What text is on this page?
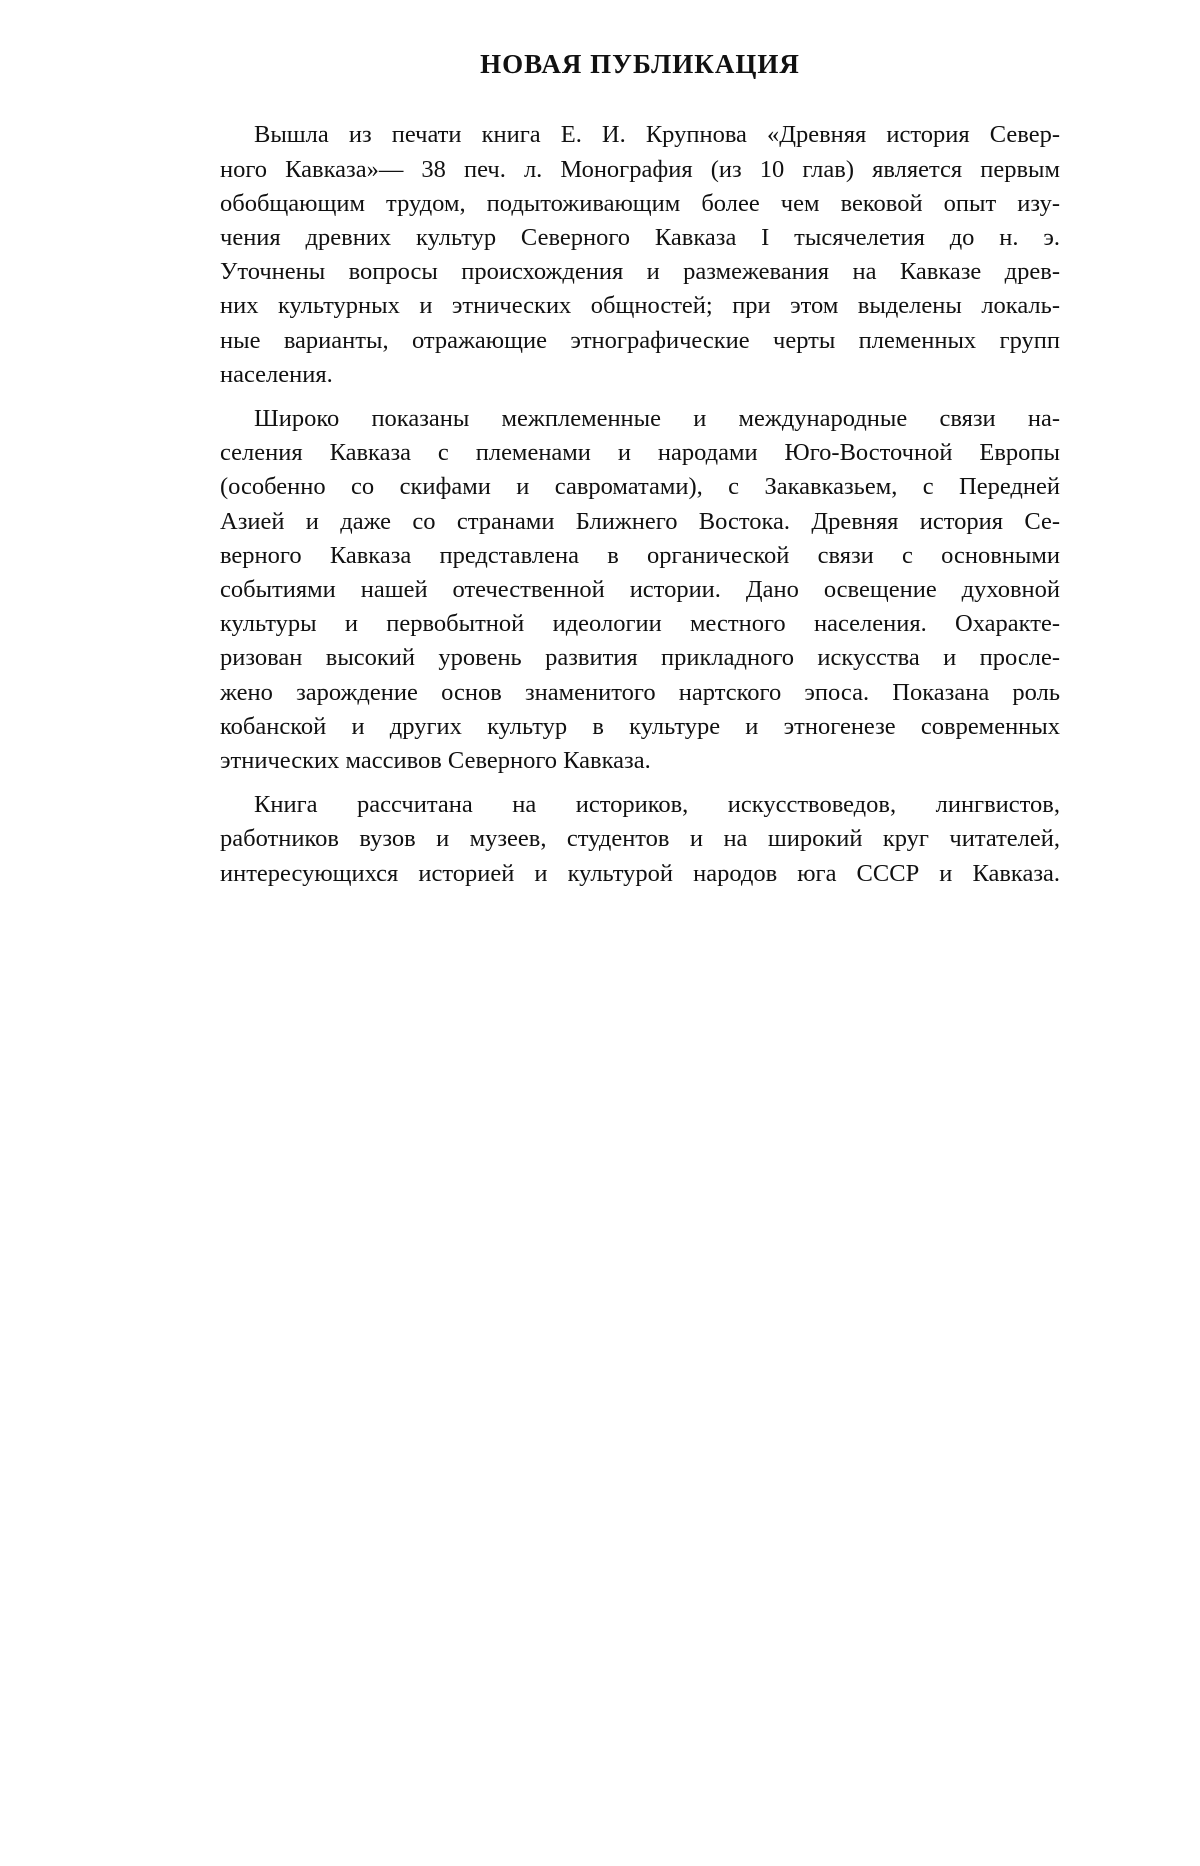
НОВАЯ ПУБЛИКАЦИЯ
Вышла из печати книга Е. И. Крупнова «Древняя история Север-
ного Кавказа»— 38 печ. л. Монография (из 10 глав) является первым
обобщающим трудом, подытоживающим более чем вековой опыт изу-
чения древних культур Северного Кавказа I тысячелетия до н. э.
Уточнены вопросы происхождения и размежевания на Кавказе древ-
них культурных и этнических общностей; при этом выделены локаль-
ные варианты, отражающие этнографические черты племенных групп
населения.
Широко показаны межплеменные и международные связи на-
селения Кавказа с племенами и народами Юго-Восточной Европы
(особенно со скифами и савроматами), с Закавказьем, с Передней
Азией и даже со странами Ближнего Востока. Древняя история Се-
верного Кавказа представлена в органической связи с основными
событиями нашей отечественной истории. Дано освещение духовной
культуры и первобытной идеологии местного населения. Охаракте-
ризован высокий уровень развития прикладного искусства и просле-
жено зарождение основ знаменитого нартского эпоса. Показана роль
кобанской и других культур в культуре и этногенезе современных
этнических массивов Северного Кавказа.
Книга рассчитана на историков, искусствоведов, лингвистов,
работников вузов и музеев, студентов и на широкий круг читателей,
интересующихся историей и культурой народов юга СССР и Кавказа.
